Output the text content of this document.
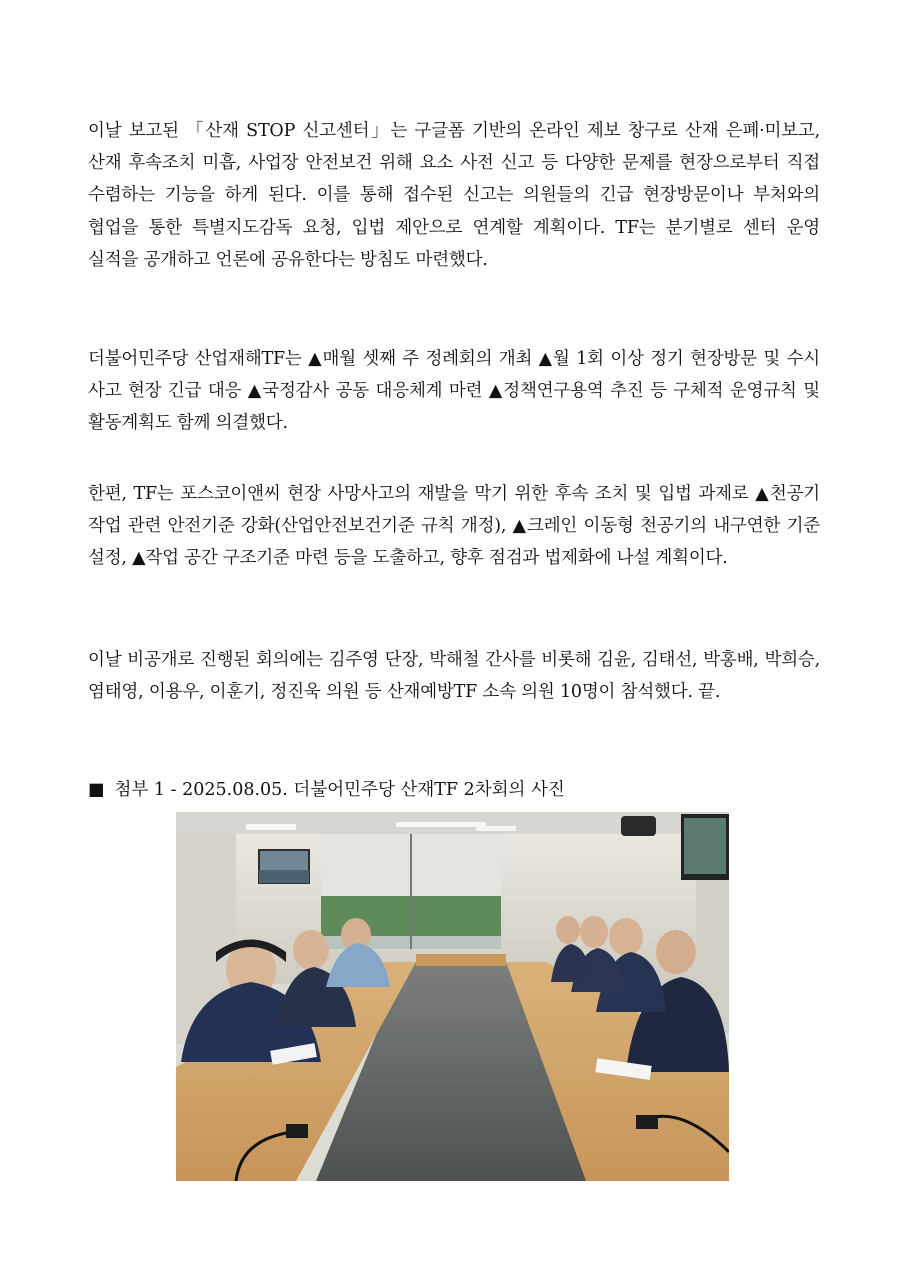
이날 보고된 「산재 STOP 신고센터」는 구글폼 기반의 온라인 제보 창구로 산재 은폐·미보고, 산재 후속조치 미흡, 사업장 안전보건 위해 요소 사전 신고 등 다양한 문제를 현장으로부터 직접 수렴하는 기능을 하게 된다. 이를 통해 접수된 신고는 의원들의 긴급 현장방문이나 부처와의 협업을 통한 특별지도감독 요청, 입법 제안으로 연계할 계획이다. TF는 분기별로 센터 운영 실적을 공개하고 언론에 공유한다는 방침도 마련했다.

더불어민주당 산업재해TF는 ▲매월 셋째 주 정례회의 개최 ▲월 1회 이상 정기 현장방문 및 수시 사고 현장 긴급 대응 ▲국정감사 공동 대응체계 마련 ▲정책연구용역 추진 등 구체적 운영규칙 및 활동계획도 함께 의결했다.

한편, TF는 포스코이앤씨 현장 사망사고의 재발을 막기 위한 후속 조치 및 입법 과제로 ▲천공기 작업 관련 안전기준 강화(산업안전보건기준 규칙 개정), ▲크레인 이동형 천공기의 내구연한 기준 설정, ▲작업 공간 구조기준 마련 등을 도출하고, 향후 점검과 법제화에 나설 계획이다.

이날 비공개로 진행된 회의에는 김주영 단장, 박해철 간사를 비롯해 김윤, 김태선, 박홍배, 박희승, 염태영, 이용우, 이훈기, 정진욱 의원 등 산재예방TF 소속 의원 10명이 참석했다. 끝.

■ 첨부 1 - 2025.08.05. 더불어민주당 산재TF 2차회의 사진
